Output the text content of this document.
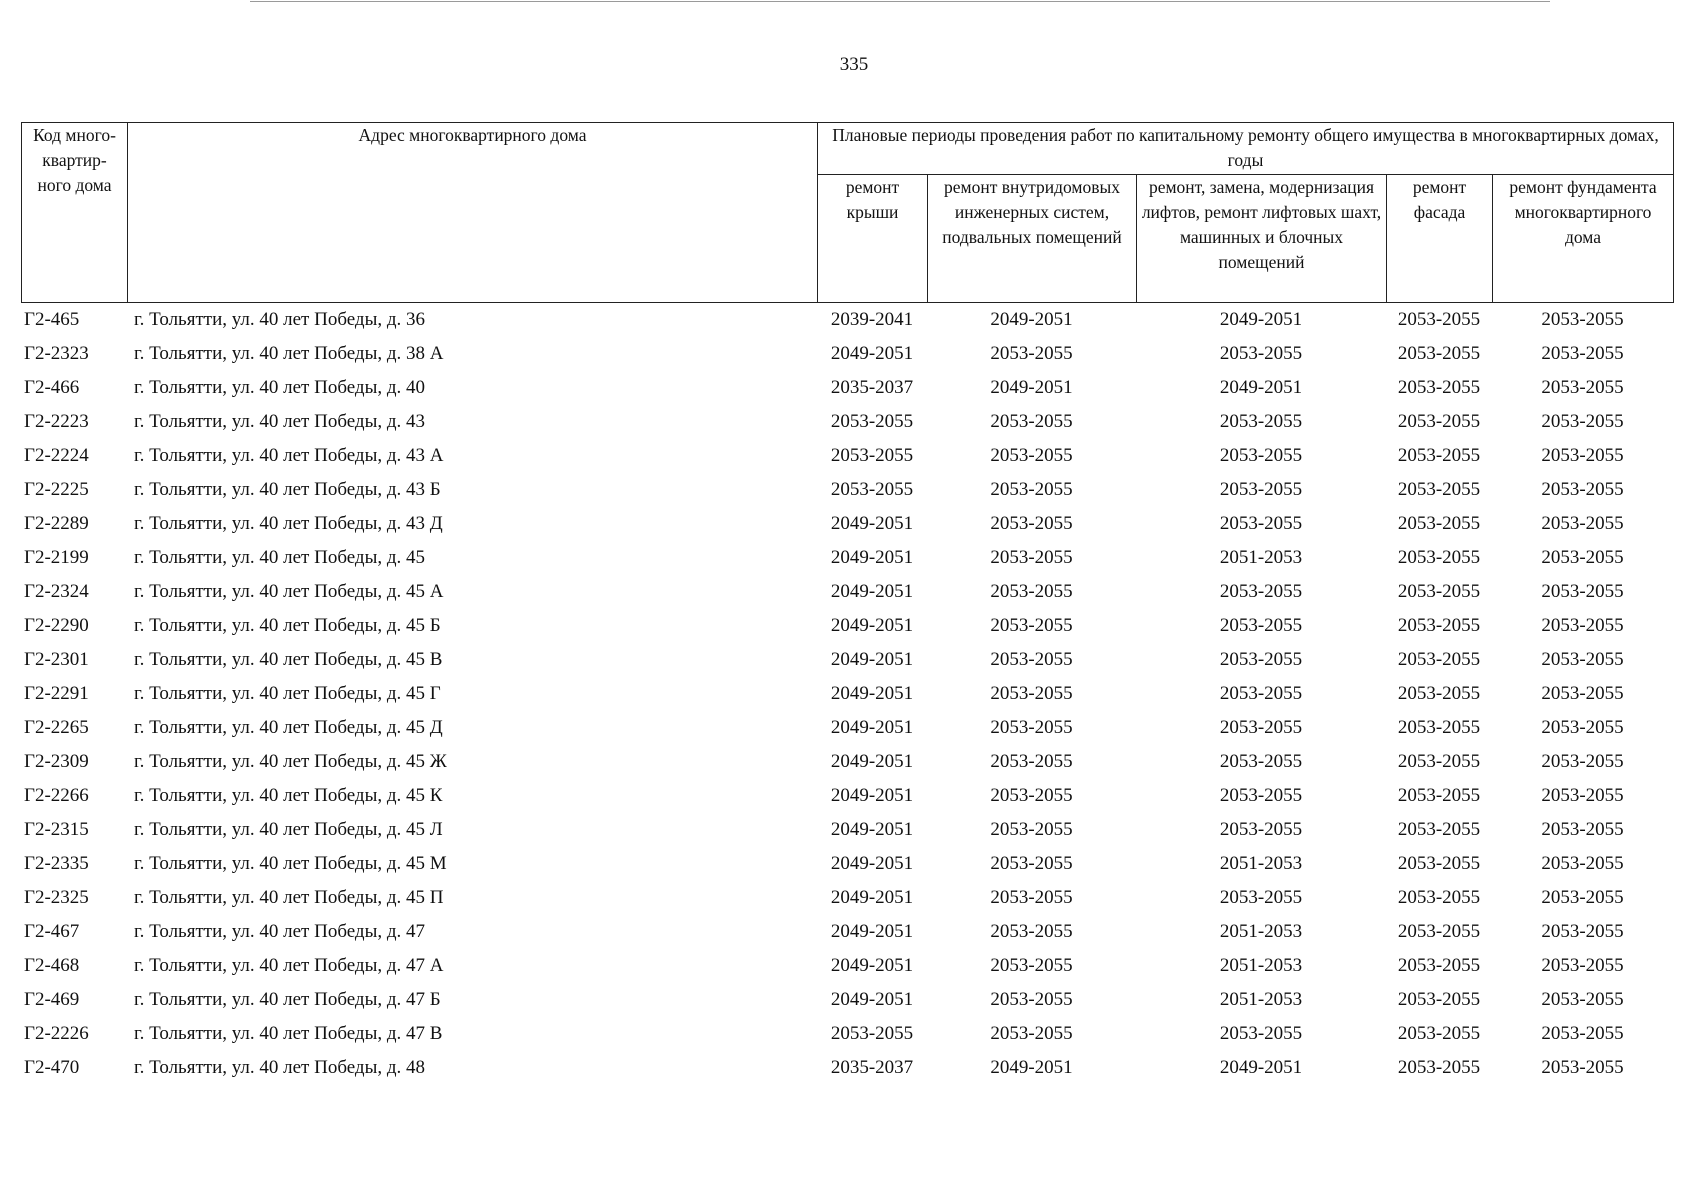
335
Код много-
квартир-
ного дома	Адрес многоквартирного дома	Плановые периоды проведения работ по капитальному ремонту общего имущества в многоквартирных домах, годы				
		ремонт крыши	ремонт внутридомовых инженерных систем, подвальных помещений	ремонт, замена, модернизация лифтов, ремонт лифтовых шахт, машинных и блочных помещений	ремонт фасада	ремонт фундамента многоквартирного дома
Г2-465	г. Тольятти, ул. 40 лет Победы, д. 36	2039-2041	2049-2051	2049-2051	2053-2055	2053-2055
Г2-2323	г. Тольятти, ул. 40 лет Победы, д. 38 А	2049-2051	2053-2055	2053-2055	2053-2055	2053-2055
Г2-466	г. Тольятти, ул. 40 лет Победы, д. 40	2035-2037	2049-2051	2049-2051	2053-2055	2053-2055
Г2-2223	г. Тольятти, ул. 40 лет Победы, д. 43	2053-2055	2053-2055	2053-2055	2053-2055	2053-2055
Г2-2224	г. Тольятти, ул. 40 лет Победы, д. 43 А	2053-2055	2053-2055	2053-2055	2053-2055	2053-2055
Г2-2225	г. Тольятти, ул. 40 лет Победы, д. 43 Б	2053-2055	2053-2055	2053-2055	2053-2055	2053-2055
Г2-2289	г. Тольятти, ул. 40 лет Победы, д. 43 Д	2049-2051	2053-2055	2053-2055	2053-2055	2053-2055
Г2-2199	г. Тольятти, ул. 40 лет Победы, д. 45	2049-2051	2053-2055	2051-2053	2053-2055	2053-2055
Г2-2324	г. Тольятти, ул. 40 лет Победы, д. 45 А	2049-2051	2053-2055	2053-2055	2053-2055	2053-2055
Г2-2290	г. Тольятти, ул. 40 лет Победы, д. 45 Б	2049-2051	2053-2055	2053-2055	2053-2055	2053-2055
Г2-2301	г. Тольятти, ул. 40 лет Победы, д. 45 В	2049-2051	2053-2055	2053-2055	2053-2055	2053-2055
Г2-2291	г. Тольятти, ул. 40 лет Победы, д. 45 Г	2049-2051	2053-2055	2053-2055	2053-2055	2053-2055
Г2-2265	г. Тольятти, ул. 40 лет Победы, д. 45 Д	2049-2051	2053-2055	2053-2055	2053-2055	2053-2055
Г2-2309	г. Тольятти, ул. 40 лет Победы, д. 45 Ж	2049-2051	2053-2055	2053-2055	2053-2055	2053-2055
Г2-2266	г. Тольятти, ул. 40 лет Победы, д. 45 К	2049-2051	2053-2055	2053-2055	2053-2055	2053-2055
Г2-2315	г. Тольятти, ул. 40 лет Победы, д. 45 Л	2049-2051	2053-2055	2053-2055	2053-2055	2053-2055
Г2-2335	г. Тольятти, ул. 40 лет Победы, д. 45 М	2049-2051	2053-2055	2051-2053	2053-2055	2053-2055
Г2-2325	г. Тольятти, ул. 40 лет Победы, д. 45 П	2049-2051	2053-2055	2053-2055	2053-2055	2053-2055
Г2-467	г. Тольятти, ул. 40 лет Победы, д. 47	2049-2051	2053-2055	2051-2053	2053-2055	2053-2055
Г2-468	г. Тольятти, ул. 40 лет Победы, д. 47 А	2049-2051	2053-2055	2051-2053	2053-2055	2053-2055
Г2-469	г. Тольятти, ул. 40 лет Победы, д. 47 Б	2049-2051	2053-2055	2051-2053	2053-2055	2053-2055
Г2-2226	г. Тольятти, ул. 40 лет Победы, д. 47 В	2053-2055	2053-2055	2053-2055	2053-2055	2053-2055
Г2-470	г. Тольятти, ул. 40 лет Победы, д. 48	2035-2037	2049-2051	2049-2051	2053-2055	2053-2055
